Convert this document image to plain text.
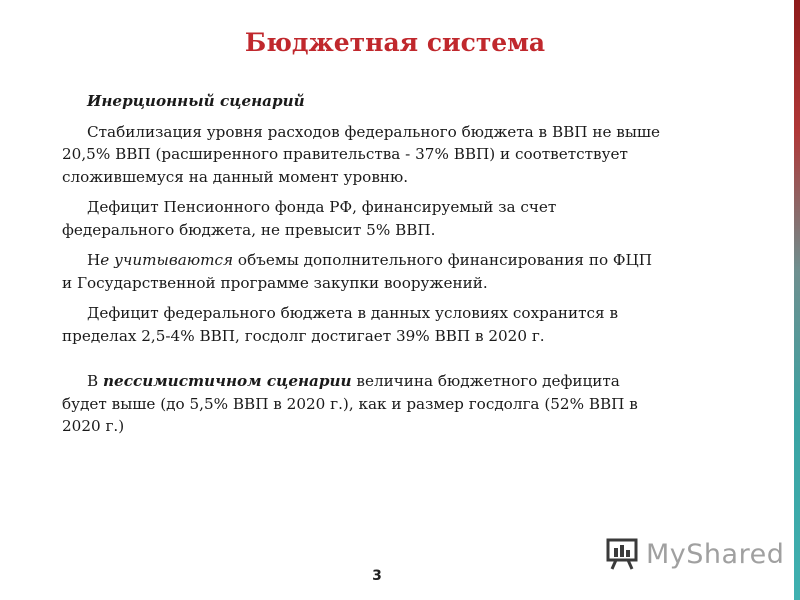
Бюджетная система

Инерционный сценарий

Стабилизация уровня расходов федерального бюджета в ВВП не выше 20,5% ВВП (расширенного правительства - 37% ВВП) и соответствует сложившемуся на данный момент уровню.

Дефицит Пенсионного фонда РФ, финансируемый за счет федерального бюджета, не превысит 5% ВВП.

Не учитываются объемы дополнительного финансирования по ФЦП и Государственной программе закупки вооружений.

Дефицит федерального бюджета в данных условиях сохранится в пределах 2,5-4% ВВП, госдолг достигает 39% ВВП в 2020 г.

В пессимистичном сценарии величина бюджетного дефицита будет выше (до 5,5% ВВП в 2020 г.), как и размер госдолга (52% ВВП в 2020 г.)

3
MyShared
